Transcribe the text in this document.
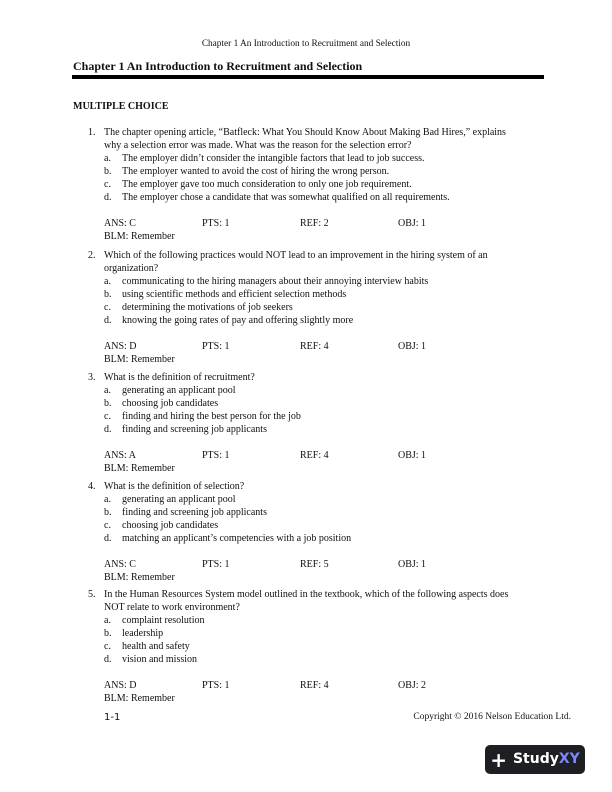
Chapter 1 An Introduction to Recruitment and Selection
Chapter 1 An Introduction to Recruitment and Selection
MULTIPLE CHOICE
1. The chapter opening article, “Batfleck: What You Should Know About Making Bad Hires,” explains
why a selection error was made. What was the reason for the selection error?
a.	The employer didn’t consider the intangible factors that lead to job success.
b.	The employer wanted to avoid the cost of hiring the wrong person.
c.	The employer gave too much consideration to only one job requirement.
d.	The employer chose a candidate that was somewhat qualified on all requirements.
ANS: C	PTS: 1	REF: 2	OBJ: 1
BLM: Remember
2. Which of the following practices would NOT lead to an improvement in the hiring system of an
organization?
a.	communicating to the hiring managers about their annoying interview habits
b.	using scientific methods and efficient selection methods
c.	determining the motivations of job seekers
d.	knowing the going rates of pay and offering slightly more
ANS: D	PTS: 1	REF: 4	OBJ: 1
BLM: Remember
3. What is the definition of recruitment?
a.	generating an applicant pool
b.	choosing job candidates
c.	finding and hiring the best person for the job
d.	finding and screening job applicants
ANS: A	PTS: 1	REF: 4	OBJ: 1
BLM: Remember
4. What is the definition of selection?
a.	generating an applicant pool
b.	finding and screening job applicants
c.	choosing job candidates
d.	matching an applicant’s competencies with a job position
ANS: C	PTS: 1	REF: 5	OBJ: 1
BLM: Remember
5. In the Human Resources System model outlined in the textbook, which of the following aspects does
NOT relate to work environment?
a.	complaint resolution
b.	leadership
c.	health and safety
d.	vision and mission
ANS: D	PTS: 1	REF: 4	OBJ: 2
BLM: Remember
1-1	Copyright © 2016 Nelson Education Ltd.
+ StudyXY
